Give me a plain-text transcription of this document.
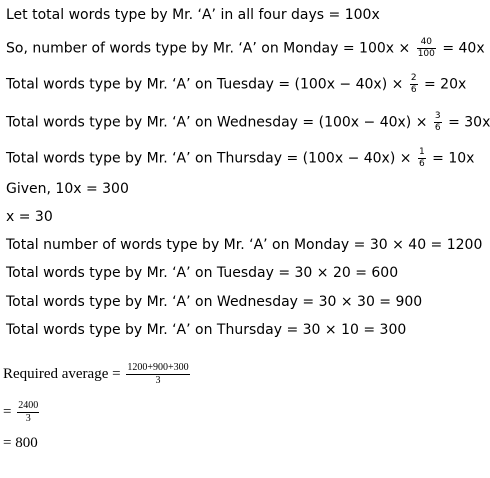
Let total words type by Mr. ‘A’ in all four days = 100x
So, number of words type by Mr. ‘A’ on Monday = $100x \times \frac{40}{100} = 40x$
Total words type by Mr. ‘A’ on Tuesday = $(100x - 40x) \times \frac{2}{6} = 20x$
Total words type by Mr. ‘A’ on Wednesday = $(100x - 40x) \times \frac{3}{6} = 30x$
Total words type by Mr. ‘A’ on Thursday = $(100x - 40x) \times \frac{1}{6} = 10x$
Given, 10x = 300
x = 30
Total number of words type by Mr. ‘A’ on Monday = 30 × 40 = 1200
Total words type by Mr. ‘A’ on Tuesday = 30 × 20 = 600
Total words type by Mr. ‘A’ on Wednesday = 30 × 30 = 900
Total words type by Mr. ‘A’ on Thursday = 30 × 10 = 300
Required average = $\frac{1200+900+300}{3}$
= $\frac{2400}{3}$
= 800
